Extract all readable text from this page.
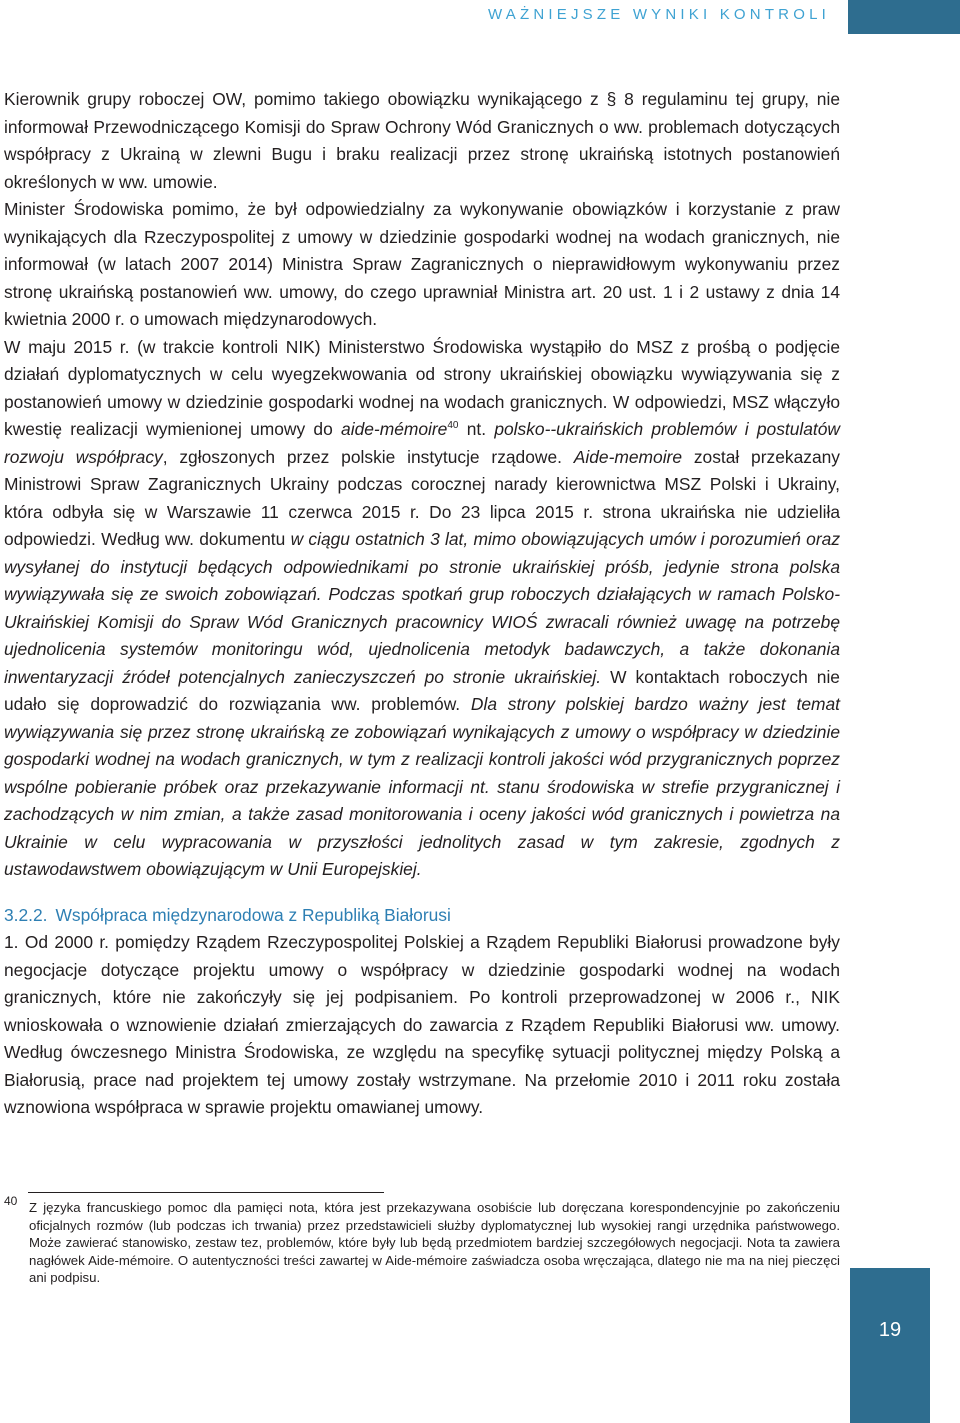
WAŻNIEJSZE WYNIKI KONTROLI

Kierownik grupy roboczej OW, pomimo takiego obowiązku wynikającego z § 8 regulaminu tej grupy, nie informował Przewodniczącego Komisji do Spraw Ochrony Wód Granicznych o ww. problemach dotyczących współpracy z Ukrainą w zlewni Bugu i braku realizacji przez stronę ukraińską istotnych postanowień określonych w ww. umowie.

Minister Środowiska pomimo, że był odpowiedzialny za wykonywanie obowiązków i korzystanie z praw wynikających dla Rzeczypospolitej z umowy w dziedzinie gospodarki wodnej na wodach granicznych, nie informował (w latach 2007 2014) Ministra Spraw Zagranicznych o nieprawidłowym wykonywaniu przez stronę ukraińską postanowień ww. umowy, do czego uprawniał Ministra art. 20 ust. 1 i 2 ustawy z dnia 14 kwietnia 2000 r. o umowach międzynarodowych.

W maju 2015 r. (w trakcie kontroli NIK) Ministerstwo Środowiska wystąpiło do MSZ z prośbą o podjęcie działań dyplomatycznych w celu wyegzekwowania od strony ukraińskiej obowiązku wywiązywania się z postanowień umowy w dziedzinie gospodarki wodnej na wodach granicznych. W odpowiedzi, MSZ włączyło kwestię realizacji wymienionej umowy do aide-mémoire$^{40}$ nt. polsko--ukraińskich problemów i postulatów rozwoju współpracy, zgłoszonych przez polskie instytucje rządowe. Aide-memoire został przekazany Ministrowi Spraw Zagranicznych Ukrainy podczas corocznej narady kierownictwa MSZ Polski i Ukrainy, która odbyła się w Warszawie 11 czerwca 2015 r. Do 23 lipca 2015 r. strona ukraińska nie udzieliła odpowiedzi. Według ww. dokumentu w ciągu ostatnich 3 lat, mimo obowiązujących umów i porozumień oraz wysyłanej do instytucji będących odpowiednikami po stronie ukraińskiej próśb, jedynie strona polska wywiązywała się ze swoich zobowiązań. Podczas spotkań grup roboczych działających w ramach Polsko-Ukraińskiej Komisji do Spraw Wód Granicznych pracownicy WIOŚ zwracali również uwagę na potrzebę ujednolicenia systemów monitoringu wód, ujednolicenia metodyk badawczych, a także dokonania inwentaryzacji źródeł potencjalnych zanieczyszczeń po stronie ukraińskiej. W kontaktach roboczych nie udało się doprowadzić do rozwiązania ww. problemów. Dla strony polskiej bardzo ważny jest temat wywiązywania się przez stronę ukraińską ze zobowiązań wynikających z umowy o współpracy w dziedzinie gospodarki wodnej na wodach granicznych, w tym z realizacji kontroli jakości wód przygranicznych poprzez wspólne pobieranie próbek oraz przekazywanie informacji nt. stanu środowiska w strefie przygranicznej i zachodzących w nim zmian, a także zasad monitorowania i oceny jakości wód granicznych i powietrza na Ukrainie w celu wypracowania w przyszłości jednolitych zasad w tym zakresie, zgodnych z ustawodawstwem obowiązującym w Unii Europejskiej.

3.2.2. Współpraca międzynarodowa z Republiką Białorusi

1. Od 2000 r. pomiędzy Rządem Rzeczypospolitej Polskiej a Rządem Republiki Białorusi prowadzone były negocjacje dotyczące projektu umowy o współpracy w dziedzinie gospodarki wodnej na wodach granicznych, które nie zakończyły się jej podpisaniem. Po kontroli przeprowadzonej w 2006 r., NIK wnioskowała o wznowienie działań zmierzających do zawarcia z Rządem Republiki Białorusi ww. umowy. Według ówczesnego Ministra Środowiska, ze względu na specyfikę sytuacji politycznej między Polską a Białorusią, prace nad projektem tej umowy zostały wstrzymane. Na przełomie 2010 i 2011 roku została wznowiona współpraca w sprawie projektu omawianej umowy.

40 Z języka francuskiego pomoc dla pamięci nota, która jest przekazywana osobiście lub doręczana korespondencyjnie po zakończeniu oficjalnych rozmów (lub podczas ich trwania) przez przedstawicieli służby dyplomatycznej lub wysokiej rangi urzędnika państwowego. Może zawierać stanowisko, zestaw tez, problemów, które były lub będą przedmiotem bardziej szczegółowych negocjacji. Nota ta zawiera nagłówek Aide-mémoire. O autentyczności treści zawartej w Aide-mémoire zaświadcza osoba wręczająca, dlatego nie ma na niej pieczęci ani podpisu.
19
